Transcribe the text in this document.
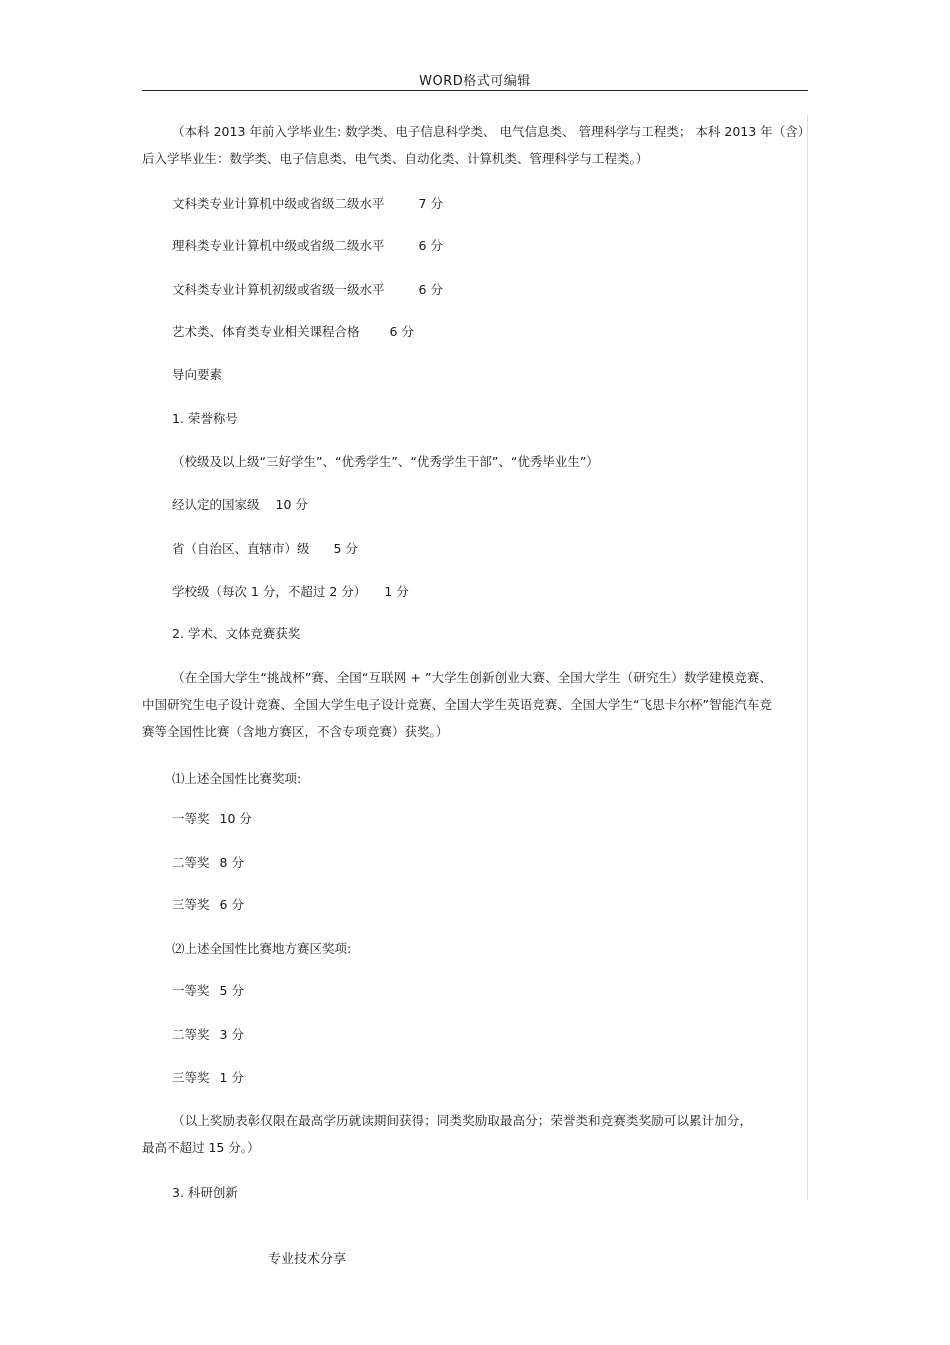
WORD格式可编辑
（本科 2013 年前入学毕业生: 数学类、电子信息科学类、 电气信息类、 管理科学与工程类； 本科 2013 年（含）后入学毕业生：数学类、电子信息类、电气类、自动化类、计算机类、管理科学与工程类。）
文科类专业计算机中级或省级二级水平	7 分
理科类专业计算机中级或省级二级水平	6 分
文科类专业计算机初级或省级一级水平	6 分
艺术类、体育类专业相关课程合格 6 分
导向要素
1. 荣誉称号
（校级及以上级“三好学生”、“优秀学生”、“优秀学生干部”、“优秀毕业生”）
经认定的国家级 10 分
省（自治区、直辖市）级 5 分
学校级（每次 1 分，不超过 2 分） 1 分
2. 学术、文体竞赛获奖
（在全国大学生“挑战杯”赛、全国“互联网 + ”大学生创新创业大赛、全国大学生（研究生）数学建模竞赛、中国研究生电子设计竞赛、全国大学生电子设计竞赛、全国大学生英语竞赛、全国大学生“飞思卡尔杯”智能汽车竞赛等全国性比赛（含地方赛区，不含专项竞赛）获奖。）
⑴上述全国性比赛奖项:
一等奖 10 分
二等奖 8 分
三等奖 6 分
⑵上述全国性比赛地方赛区奖项:
一等奖 5 分
二等奖 3 分
三等奖 1 分
（以上奖励表彰仅限在最高学历就读期间获得；同类奖励取最高分；荣誉类和竞赛类奖励可以累计加分，最高不超过 15 分。）
3. 科研创新
专业技术分享
